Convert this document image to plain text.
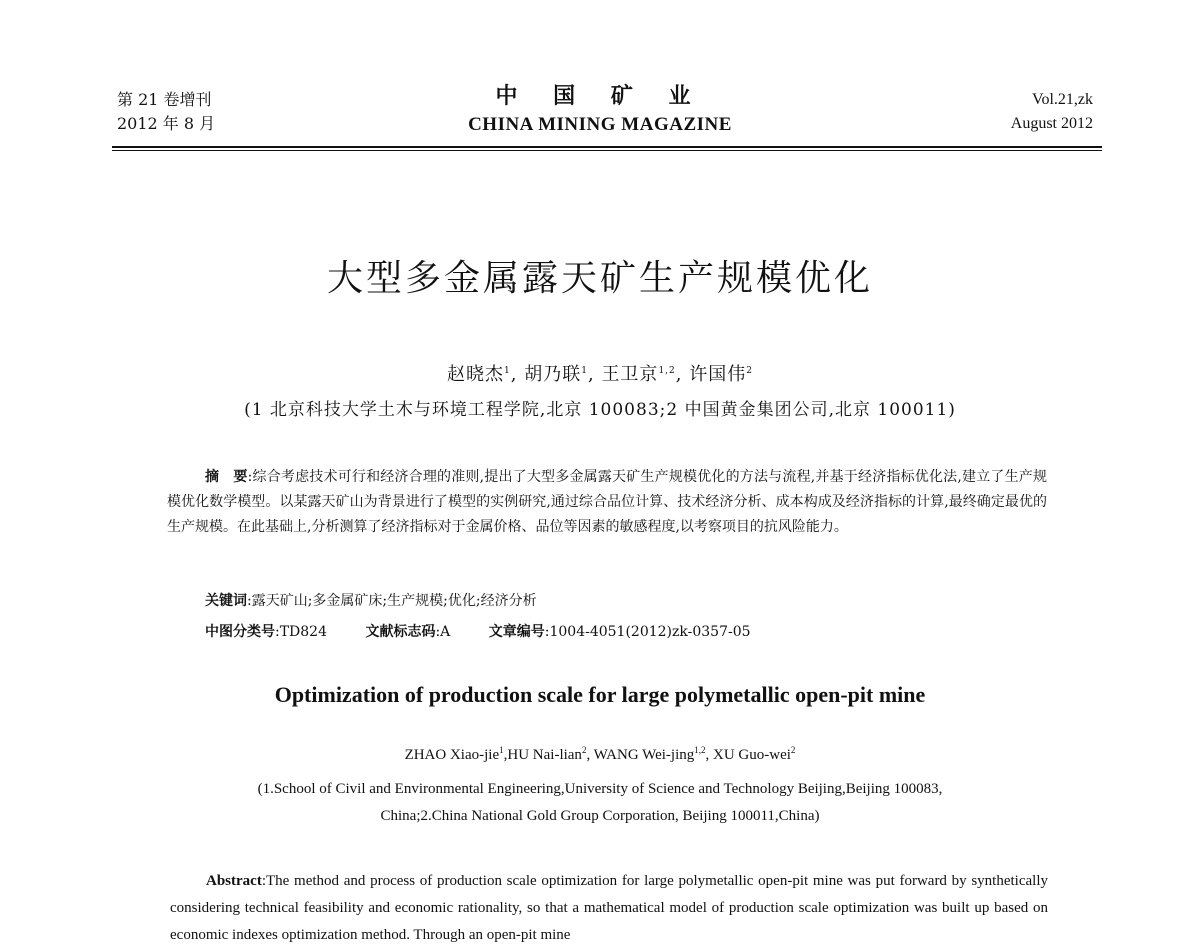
第 21 卷增刊
2012 年 8 月
中 国 矿 业
CHINA MINING MAGAZINE
Vol.21,zk
August 2012
大型多金属露天矿生产规模优化
赵晓杰$^1$, 胡乃联$^1$, 王卫京$^{1,2}$, 许国伟$^2$
(1 北京科技大学土木与环境工程学院,北京 100083;2 中国黄金集团公司,北京 100011)
摘　要:综合考虑技术可行和经济合理的准则,提出了大型多金属露天矿生产规模优化的方法与流程,并基于经济指标优化法,建立了生产规模优化数学模型。以某露天矿山为背景进行了模型的实例研究,通过综合品位计算、技术经济分析、成本构成及经济指标的计算,最终确定最优的生产规模。在此基础上,分析测算了经济指标对于金属价格、品位等因素的敏感程度,以考察项目的抗风险能力。
关键词:露天矿山;多金属矿床;生产规模;优化;经济分析
中图分类号:TD824	文献标志码:A	文章编号:1004-4051(2012)zk-0357-05
Optimization of production scale for large polymetallic open-pit mine
ZHAO Xiao-jie$^1$,HU Nai-lian$^2$, WANG Wei-jing$^{1,2}$, XU Guo-wei$^2$
(1.School of Civil and Environmental Engineering,University of Science and Technology Beijing,Beijing 100083,
China;2.China National Gold Group Corporation, Beijing 100011,China)
Abstract:The method and process of production scale optimization for large polymetallic open-pit mine was put forward by synthetically considering technical feasibility and economic rationality, so that a mathematical model of production scale optimization was built up based on economic indexes optimization method. Through an open-pit mine
